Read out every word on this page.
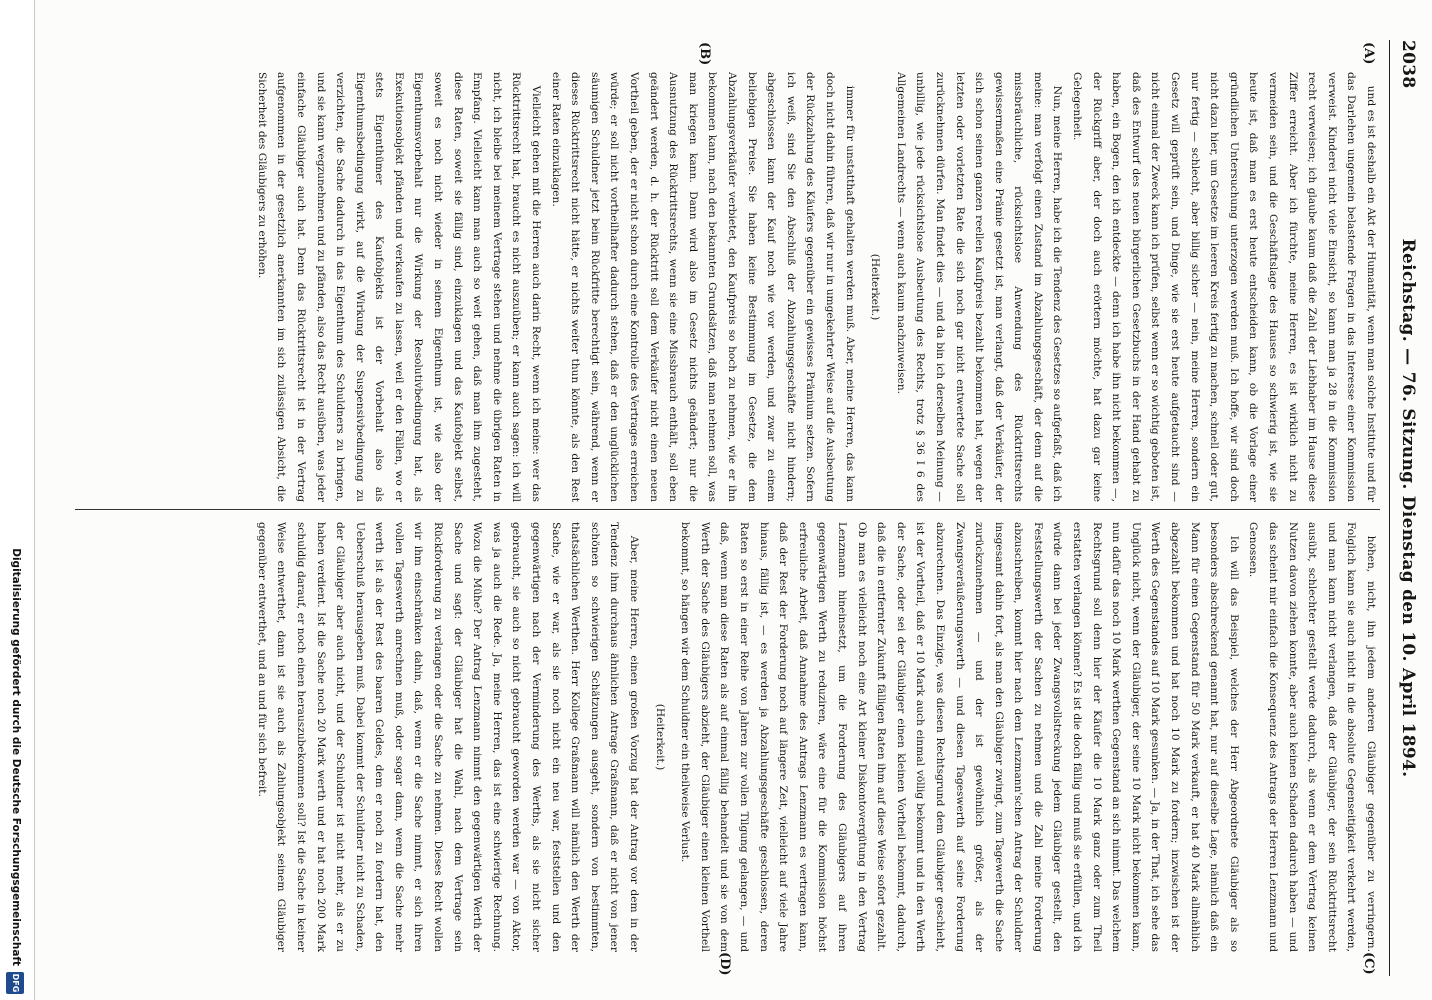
2038
Reichstag. — 76. Sitzung. Dienstag den 10. April 1894.
(A)
(B)
(C)
(D)

und es ist deshalb ein Akt der Humanität, wenn man solche Institute und für das Darlehen ungemein belastende Fragen in das Interesse einer Kommission verweist. Kinderei nicht viele Einsicht, so kann man ja 28 in die Kommission recht verweisen; ich glaube kaum daß die Zahl der Liebhaber im Hause diese Ziffer erreicht. Aber ich fürchte, meine Herren, es ist wirklich nicht zu vermeiden sein, und die Geschäftslage des Hauses so schwierig ist, wie sie heute ist, daß man es erst heute entscheiden kann, ob die Vorlage einer gründlichen Untersuchung unterzogen werden muß. Ich hoffe, wir sind doch nicht dazu hier, um Gesetze im leeren Kreis fertig zu machen, schnell oder gut, nur fertig — schlecht, aber billig sicher — nein, meine Herren, sondern ein Gesetz will geprüft sein, und Dinge, wie sie erst heute aufgetaucht sind — nicht einmal der Zweck kann ich prüfen, selbst wenn er so wichtig geboten ist, daß des Entwurf des neuen bürgerlichen Gesetzbuchs in der Hand gehabt zu haben, ein Bogen, den ich entdeckte — denn ich habe ihn nicht bekommen —, der Rückgriff aber, der doch auch erörtern möchte, hat dazu gar keine Gelegenheit.

Nun, meine Herren, habe ich die Tendenz des Gesetzes so aufgefaßt, daß ich meine: man verfolgt einen Zustand im Abzahlungsgeschäft, der denn auf die missbräuchliche, rücksichtslose Anwendung des Rücktrittsrechts gewissermaßen eine Prämie gesetzt ist, man verlangt, daß der Verkäufer, der sich schon seinen ganzen reellen Kaufpreis bezahlt bekommen hat, wegen der letzten oder vorletzten Rate die sich noch gar nicht entwertete Sache soll zurücknehmen dürfen. Man findet dies — und da bin ich derselben Meinung — unbillig, wie jede rücksichtslose Ausbeutung des Rechts, trotz § 36 I 6 des Allgemeinen Landrechts — wenn auch kaum nachzuweisen.

(Heiterkeit.)

immer für unstatthaft gehalten werden muß. Aber, meine Herren, das kann doch nicht dahin führen, daß wir nur in umgekehrter Weise auf die Ausbeutung der Rückzahlung des Käufers gegenüber ein gewisses Prämium setzen. Sofern ich weiß, sind Sie den Abschluß der Abzahlungsgeschäfte nicht hindern; abgeschlossen kann der Kauf noch wie vor werden, und zwar zu einem beliebigen Preise. Sie haben keine Bestimmung im Gesetze, die dem Abzahlungsverkäufer verbietet, den Kaufpreis so hoch zu nehmen, wie er ihn bekommen kann, nach den bekannten Grundsätzen, daß man nehmen soll, was man kriegen kann. Dann wird also im Gesetz nichts geändert; nur die Ausnutzung des Rücktrittsrechts, wenn sie eine Missbrauch enthält, soll eben geändert werden, d. h. der Rücktritt soll dem Verkäufer nicht einen neuen Vortheil geben, der er nicht schon durch eine Kontrolle des Vertrages erreichen würde; er soll nicht vortheilhafter dadurch stehen, daß er den unglücklichen säumigen Schuldner jetzt beim Rückfritte berechtigt sein, während, wenn er dieses Rücktrittsrecht nicht hätte, er nichts weiter thun könnte, als den Rest einer Raten einzuklagen.

Vielleicht gehen mit die Herren auch darin Recht, wenn ich meine: wer das Rücktrittsrecht hat, braucht es nicht auszuüben; er kann auch sagen: ich will nicht, ich bleibe bei meinem Vertrage stehen und nehme die übrigen Raten in Empfang. Vielleicht kann man auch so weit gehen, daß man ihm zugesteht, diese Raten, soweit sie fällig sind, einzuklagen und das Kaufobjekt selbst, soweit es noch nicht wieder in seinem Eigenthum ist, wie also der Eigenthumsvorbehalt nur die Wirkung der Resolutivbedingung hat, als Exekutionsobjekt pfänden und verkaufen zu lassen, weil er den Fällen, wo er stets Eigenthümer des Kaufobjekts ist der Vorbehalt also als Eigenthumsbedingung wirkt, auf die Wirkung der Suspensivbedingung zu verzichten, die Sache dadurch in das Eigenthum des Schuldners zu bringen, und sie kann wegzunehmen und zu pfänden, also das Recht ausüben, was jeder einfache Gläubiger auch hat. Denn das Rücktrittsrecht ist in der Vertrag aufgenommen in der gesetzlich anerkannten im sich zulässigen Absicht, die Sicherheit des Gläubigers zu erhöhen.

höhen, nicht, ihn jedem anderen Gläubiger gegenüber zu verringern. Folglich kann sie auch nicht in die absolute Gegenseitigkeit verkehrt werden, und man kann nicht verlangen, daß der Gläubiger, der sein Rücktrittsrecht ausübt, schlechter gestellt werde dadurch, als wenn er dem Vertrag keinen Nutzen davon ziehen konnte, aber auch keinen Schaden dadurch haben — und das scheint mir einfach die Konsequenz des Antrags der Herren Lenzmann und Genossen.

Ich will das Beispiel, welches der Herr Abgeordnete Gläubiger als so besonders abschreckend genannt hat, nur auf dieselbe Lage, nämlich daß ein Mann für einen Gegenstand für 50 Mark verkauft, er hat 40 Mark allmählich abgezahlt bekommen und hat noch 10 Mark zu fordern; inzwischen ist der Werth des Gegenstandes auf 10 Mark gesunken. — Ja, in der That, ich sehe das Unglück nicht, wenn der Gläubiger, der seine 10 Mark nicht bekommen kann, nun dafür das noch 10 Mark werthen Gegenstand an sich nimmt. Das welchem Rechtsgrund soll denn hier der Käufer die 10 Mark ganz oder zum Theil erstatten verlangen können? Es ist die doch fällig und muß sie erfüllen, und ich würde dann bei jeder Zwangsvollstreckung jedem Gläubiger gestellt, den Feststellungswerth der Sachen zu nehmen und die Zahl meine Forderung abzuschreiben, kommt hier nach dem Lenzmann'schen Antrag der Schuldner insgesamt dahin fort, als man den Gläubiger zwingt, zum Tagewerth die Sache zurückzunehmen — und der ist gewöhnlich größer, als der Zwangsveräußerungswerth — und diesen Tageswerth auf seine Forderung abzurechnen. Das Einzige, was diesen Rechtsgrund dem Gläubiger geschieht, ist der Vortheil, daß er 10 Mark auch einmal völlig bekommt und in den Werth der Sache, oder sei der Gläubiger einen kleinen Vortheil bekommt, dadurch, daß die in entfernter Zukunft fälligen Raten ihm auf diese Weise sofort gezahlt. Ob man es vielleicht noch eine Art kleiner Diskontovergütung in den Vertrag Lenzmann hineinsetzt, um die Forderung des Gläubigers auf ihren gegenwärtigen Werth zu reduziren, wäre eine für die Kommission höchst erfreuliche Arbeit, daß Annahme des Antrags Lenzmann es vertragen kann, daß der Rest der Forderung noch auf längere Zeit, vielleicht auf viele Jahre hinaus, fällig ist, — es werden ja Abzahlungsgeschäfte geschlossen, deren Raten so erst in einer Reihe von Jahren zur vollen Tilgung gelangen, — und daß, wenn man diese Raten als auf einmal fällig behandelt und sie von dem Werth der Sache des Gläubigers abzieht, der Gläubiger einen kleinen Vortheil bekommt, so hängen wir dem Schuldner ein theilweise Verlust.

(Heiterkeit.)

Aber, meine Herren, einen großen Vorzug hat der Antrag vor dem in der Tendenz ihm durchaus ähnlichen Antrage Graßmann, daß er nicht von jener schönen so schwierigen Schätzungen ausgeht, sondern von bestimmten, thatsächlichen Werthen. Herr Kollege Graßmann will nämlich den Werth der Sache, wie er war, als sie noch nicht ein neu war, feststellen und den gegenwärtigen nach der Verminderung des Werths, als sie nicht sicher gebraucht, sie auch so nicht gebraucht geworden werden war — von Aktor, was ja auch die Rede. Ja, meine Herren, das ist eine schwierige Rechnung. Wozu die Mühe? Der Antrag Lenzmann nimmt den gegenwärtigen Werth der Sache und sagt: der Gläubiger hat die Wahl, nach dem Vertrage sein Rückforderung zu verlangen oder die Sache zu nehmen. Dieses Recht wollen wir ihm einschränken dahin, daß, wenn er die Sache nimmt, er sich ihren vollen Tageswerth anrechnen muß, oder sogar dann, wenn die Sache mehr werth ist als der Rest des baaren Geldes, dem er noch zu fordern hat, den Ueberschuß herausgeben muß. Dabei kommt der Schuldner nicht zu Schaden, der Gläubiger aber auch nicht, und der Schuldner ist nicht mehr, als er zu haben verdient. Ist die Sache noch 20 Mark werth und er hat noch 200 Mark schuldig darauf, er noch einen herauszubekommen soll? Ist die Sache in keiner Weise entwerthet, dann ist sie auch als Zahlungsobjekt seinem Gläubiger gegenüber entwerthet, und an und für sich befreit.

Digitalisierung gefördert durch die Deutsche Forschungsgemeinschaft
DFG
